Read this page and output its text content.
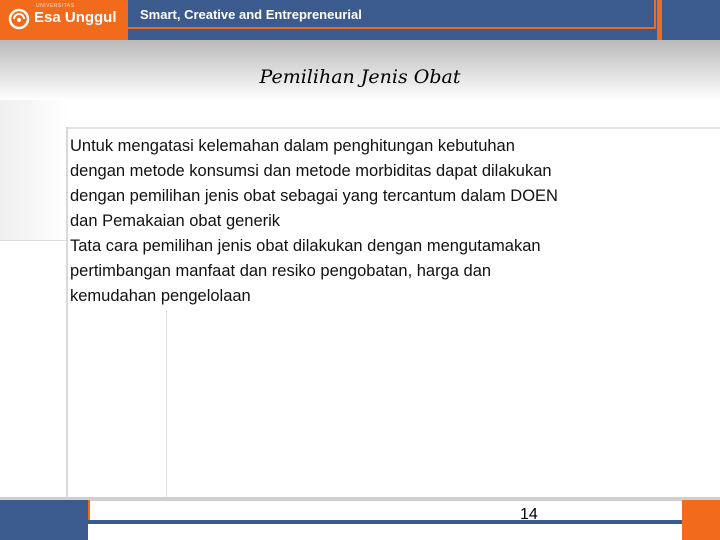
UNIVERSITAS
Esa Unggul Smart, Creative and Entrepreneurial
Pemilihan Jenis Obat

Untuk mengatasi kelemahan dalam penghitungan kebutuhan
dengan metode konsumsi dan metode morbiditas dapat dilakukan
dengan pemilihan jenis obat sebagai yang tercantum dalam DOEN
dan Pemakaian obat generik

Tata cara pemilihan jenis obat dilakukan dengan mengutamakan
pertimbangan manfaat dan resiko pengobatan, harga dan
kemudahan pengelolaan

14
